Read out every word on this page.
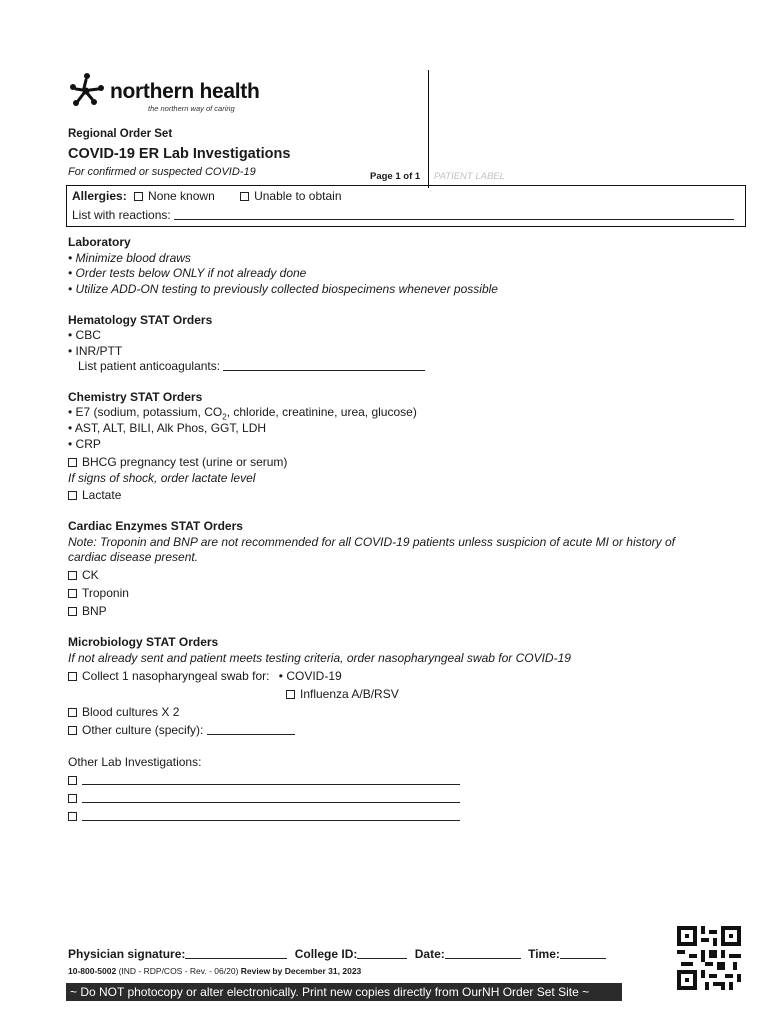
northern health
the northern way of caring
Regional Order Set
COVID-19 ER Lab Investigations
For confirmed or suspected COVID-19	Page 1 of 1 PATIENT LABEL
Allergies: None known	Unable to obtain
List with reactions:
Laboratory
• Minimize blood draws
• Order tests below ONLY if not already done
• Utilize ADD-ON testing to previously collected biospecimens whenever possible
Hematology STAT Orders
• CBC
• INR/PTT
List patient anticoagulants:
Chemistry STAT Orders
• E7 (sodium, potassium, $CO_2$, chloride, creatinine, urea, glucose)
• AST, ALT, BILI, Alk Phos, GGT, LDH
• CRP
BHCG pregnancy test (urine or serum)
If signs of shock, order lactate level
Lactate
Cardiac Enzymes STAT Orders
Note: Troponin and BNP are not recommended for all COVID-19 patients unless suspicion of acute MI or history of
cardiac disease present.
CK
Troponin
BNP
Microbiology STAT Orders
If not already sent and patient meets testing criteria, order nasopharyngeal swab for COVID-19
Collect 1 nasopharyngeal swab for: • COVID-19
Influenza A/B/RSV
Blood cultures X 2
Other culture (specify):
Other Lab Investigations:
Physician signature:	College ID:	Date:	Time:
10-800-5002 (IND - RDP/COS - Rev. - 06/20) Review by December 31, 2023
~ Do NOT photocopy or alter electronically. Print new copies directly from OurNH Order Set Site ~
